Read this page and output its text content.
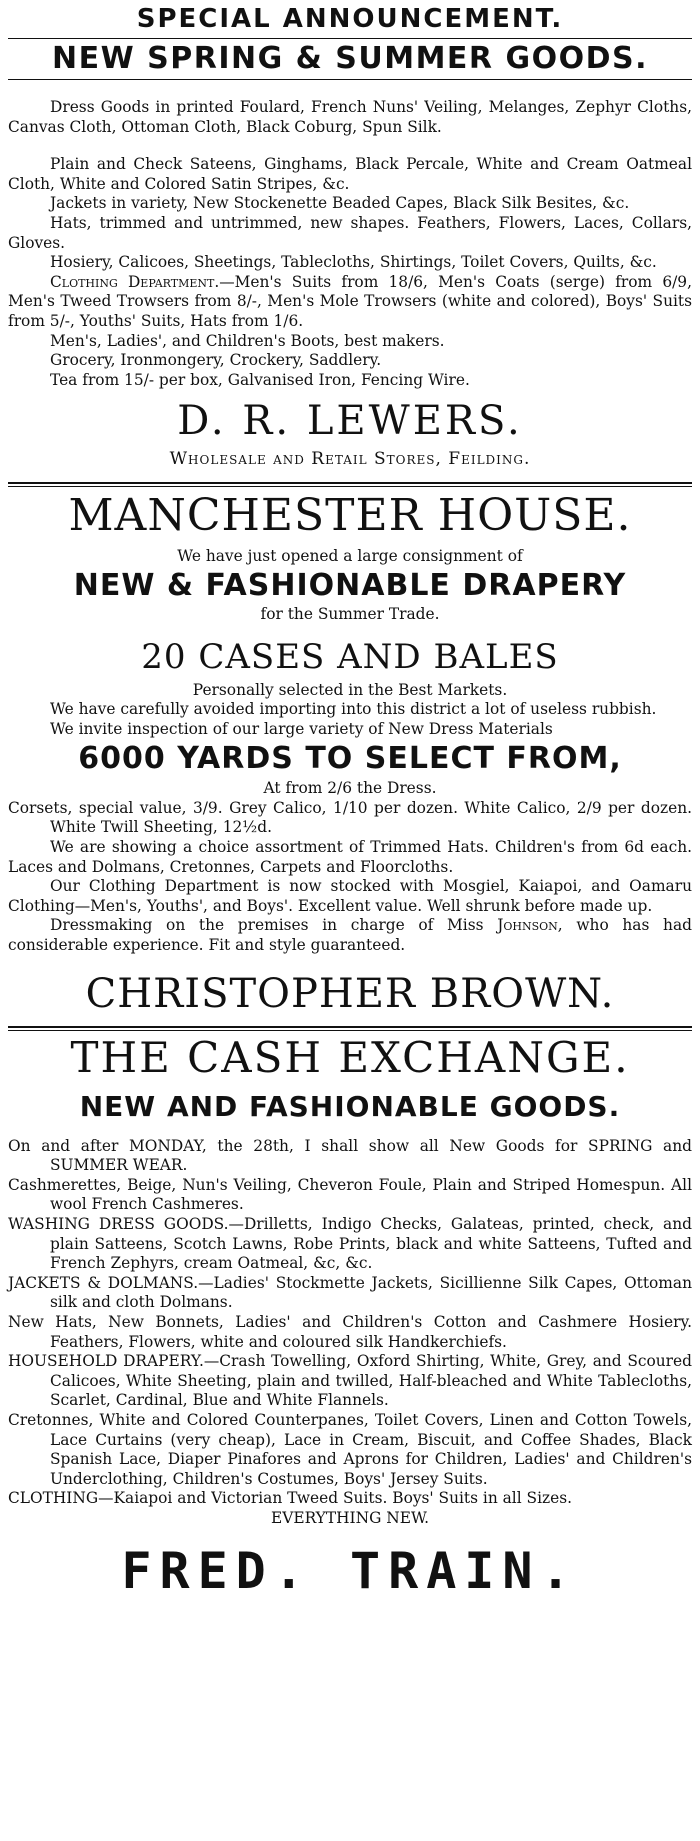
SPECIAL ANNOUNCEMENT.
NEW SPRING & SUMMER GOODS.

Dress Goods in printed Foulard, French Nuns' Veiling, Melanges, Zephyr Cloths, Canvas Cloth, Ottoman Cloth, Black Coburg, Spun Silk.

Plain and Check Sateens, Ginghams, Black Percale, White and Cream Oatmeal Cloth, White and Colored Satin Stripes, &c.

Jackets in variety, New Stockenette Beaded Capes, Black Silk Besites, &c.

Hats, trimmed and untrimmed, new shapes. Feathers, Flowers, Laces, Collars, Gloves.

Hosiery, Calicoes, Sheetings, Tablecloths, Shirtings, Toilet Covers, Quilts, &c.

Clothing Department.—Men's Suits from 18/6, Men's Coats (serge) from 6/9, Men's Tweed Trowsers from 8/-, Men's Mole Trowsers (white and colored), Boys' Suits from 5/-, Youths' Suits, Hats from 1/6.

Men's, Ladies', and Children's Boots, best makers.

Grocery, Ironmongery, Crockery, Saddlery.

Tea from 15/- per box, Galvanised Iron, Fencing Wire.

D. R. LEWERS.
Wholesale and Retail Stores, Feilding.
MANCHESTER HOUSE.
We have just opened a large consignment of
NEW & FASHIONABLE DRAPERY
for the Summer Trade.
20 CASES AND BALES
Personally selected in the Best Markets.

We have carefully avoided importing into this district a lot of useless rubbish.

We invite inspection of our large variety of New Dress Materials

6000 YARDS TO SELECT FROM,
At from 2/6 the Dress.

Corsets, special value, 3/9. Grey Calico, 1/10 per dozen. White Calico, 2/9 per dozen. White Twill Sheeting, 12½d.

We are showing a choice assortment of Trimmed Hats. Children's from 6d each. Laces and Dolmans, Cretonnes, Carpets and Floorcloths.

Our Clothing Department is now stocked with Mosgiel, Kaiapoi, and Oamaru Clothing—Men's, Youths', and Boys'. Excellent value. Well shrunk before made up.

Dressmaking on the premises in charge of Miss Johnson, who has had considerable experience. Fit and style guaranteed.

CHRISTOPHER BROWN.
THE CASH EXCHANGE.
NEW AND FASHIONABLE GOODS.

On and after MONDAY, the 28th, I shall show all New Goods for SPRING and SUMMER WEAR.

Cashmerettes, Beige, Nun's Veiling, Cheveron Foule, Plain and Striped Homespun. All wool French Cashmeres.

WASHING DRESS GOODS.—Drilletts, Indigo Checks, Galateas, printed, check, and plain Satteens, Scotch Lawns, Robe Prints, black and white Satteens, Tufted and French Zephyrs, cream Oatmeal, &c, &c.

JACKETS & DOLMANS.—Ladies' Stockmette Jackets, Sicillienne Silk Capes, Ottoman silk and cloth Dolmans.

New Hats, New Bonnets, Ladies' and Children's Cotton and Cashmere Hosiery. Feathers, Flowers, white and coloured silk Handkerchiefs.

HOUSEHOLD DRAPERY.—Crash Towelling, Oxford Shirting, White, Grey, and Scoured Calicoes, White Sheeting, plain and twilled, Half-bleached and White Tablecloths, Scarlet, Cardinal, Blue and White Flannels.

Cretonnes, White and Colored Counterpanes, Toilet Covers, Linen and Cotton Towels, Lace Curtains (very cheap), Lace in Cream, Biscuit, and Coffee Shades, Black Spanish Lace, Diaper Pinafores and Aprons for Children, Ladies' and Children's Underclothing, Children's Costumes, Boys' Jersey Suits.

CLOTHING—Kaiapoi and Victorian Tweed Suits. Boys' Suits in all Sizes.

EVERYTHING NEW.
FRED. TRAIN.
